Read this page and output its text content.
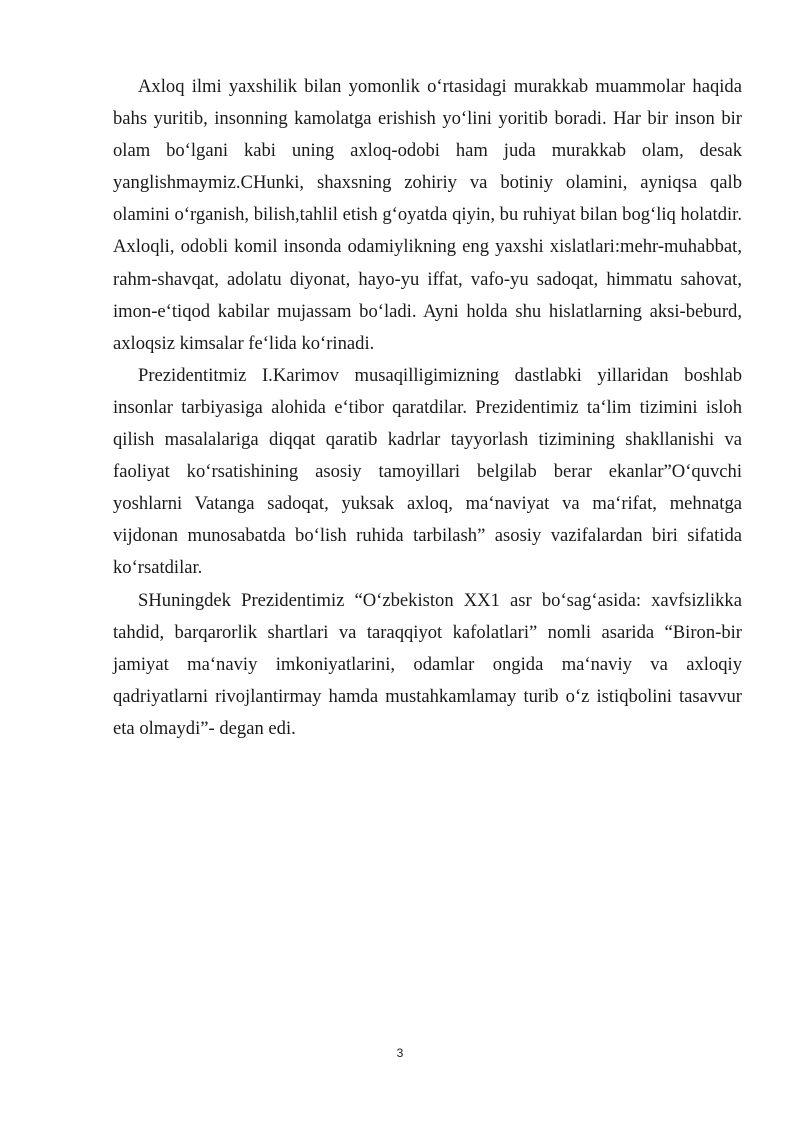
Axloq ilmi yaxshilik bilan yomonlik o‘rtasidagi murakkab muammolar haqida bahs yuritib, insonning kamolatga erishish yo‘lini yoritib boradi. Har bir inson bir olam bo‘lgani kabi uning axloq-odobi ham juda murakkab olam, desak yanglishmaymiz.CHunki, shaxsning zohiriy va botiniy olamini, ayniqsa qalb olamini o‘rganish, bilish,tahlil etish g‘oyatda qiyin, bu ruhiyat bilan bog‘liq holatdir. Axloqli, odobli komil insonda odamiylikning eng yaxshi xislatlari:mehr-muhabbat, rahm-shavqat, adolatu diyonat, hayo-yu iffat, vafo-yu sadoqat, himmatu sahovat, imon-e‘tiqod kabilar mujassam bo‘ladi. Ayni holda shu hislatlarning aksi-beburd, axloqsiz kimsalar fe‘lida ko‘rinadi.

Prezidentitmiz I.Karimov musaqilligimizning dastlabki yillaridan boshlab insonlar tarbiyasiga alohida e‘tibor qaratdilar. Prezidentimiz ta‘lim tizimini isloh qilish masalalariga diqqat qaratib kadrlar tayyorlash tizimining shakllanishi va faoliyat ko‘rsatishining asosiy tamoyillari belgilab berar ekanlar”O‘quvchi yoshlarni Vatanga sadoqat, yuksak axloq, ma‘naviyat va ma‘rifat, mehnatga vijdonan munosabatda bo‘lish ruhida tarbilash” asosiy vazifalardan biri sifatida ko‘rsatdilar.

SHuningdek Prezidentimiz “O‘zbekiston XX1 asr bo‘sag‘asida: xavfsizlikka tahdid, barqarorlik shartlari va taraqqiyot kafolatlari” nomli asarida “Biron-bir jamiyat ma‘naviy imkoniyatlarini, odamlar ongida ma‘naviy va axloqiy qadriyatlarni rivojlantirmay hamda mustahkamlamay turib o‘z istiqbolini tasavvur eta olmaydi”- degan edi.

3
